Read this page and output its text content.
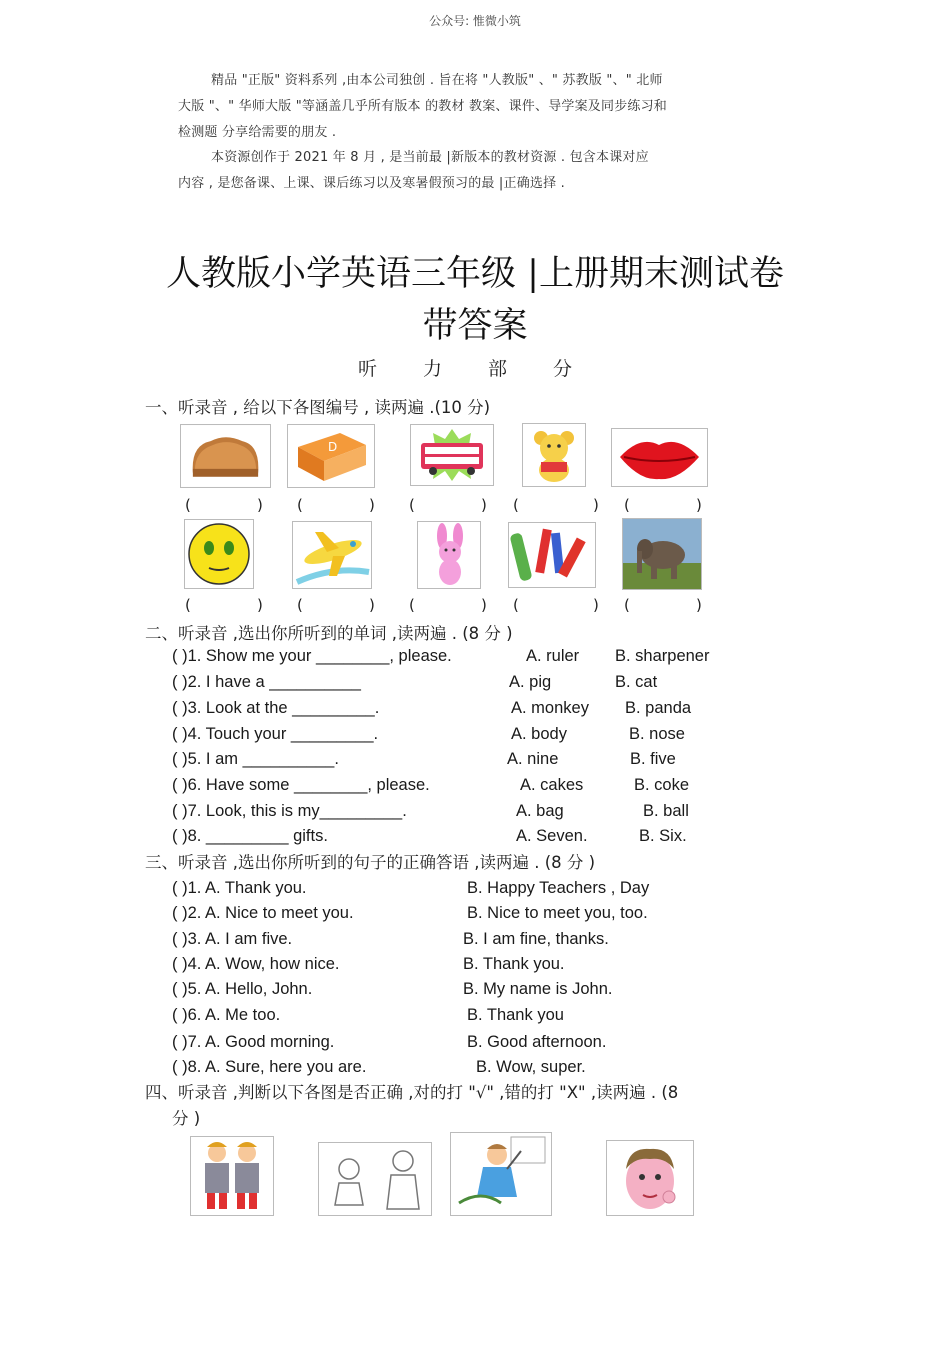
公众号: 惟微小筑
精品 "正版" 资料系列 ,由本公司独创 . 旨在将 "人教版" 、" 苏教版 "、" 北师
大版 "、" 华师大版 "等涵盖几乎所有版本 的教材 教案、课件、导学案及同步练习和
检测题 分享给需要的朋友 .
本资源创作于 2021 年 8 月 , 是当前最 |新版本的教材资源 . 包含本课对应
内容 , 是您备课、上课、课后练习以及寒暑假预习的最 |正确选择 .
人教版小学英语三年级 |上册期末测试卷
带答案
听 力 部 分
一、听录音 , 给以下各图编号 , 读两遍 .(10 分)
D
(	) (	) (	) (	) (	)
(	) (	) (	) (	) (	)
二、听录音 ,选出你所听到的单词 ,读两遍 . (8 分 )
( )1. Show me your ________, please.	A. ruler B. sharpener
( )2. I have a __________	A. pig	B. cat
( )3. Look at the _________.	A. monkey B. panda
( )4. Touch your _________.	A. body	B. nose
( )5. I am __________.	A. nine	B. five
( )6. Have some ________, please.	A. cakes	B. coke
( )7. Look, this is my_________.	A. bag	B. ball
( )8. _________ gifts.	A. Seven.	B. Six.
三、听录音 ,选出你所听到的句子的正确答语 ,读两遍 . (8 分 )
( )1. A. Thank you.	B. Happy Teachers , Day
( )2. A. Nice to meet you.	B. Nice to meet you, too.
( )3. A. I am five.	B. I am fine, thanks.
( )4. A. Wow, how nice.	B. Thank you.
( )5. A. Hello, John.	B. My name is John.
( )6. A. Me too.	B. Thank you
( )7. A. Good morning.	B. Good afternoon.
( )8. A. Sure, here you are.	B. Wow, super.
四、听录音 ,判断以下各图是否正确 ,对的打 "√" ,错的打 "X" ,读两遍 . (8
分 )
